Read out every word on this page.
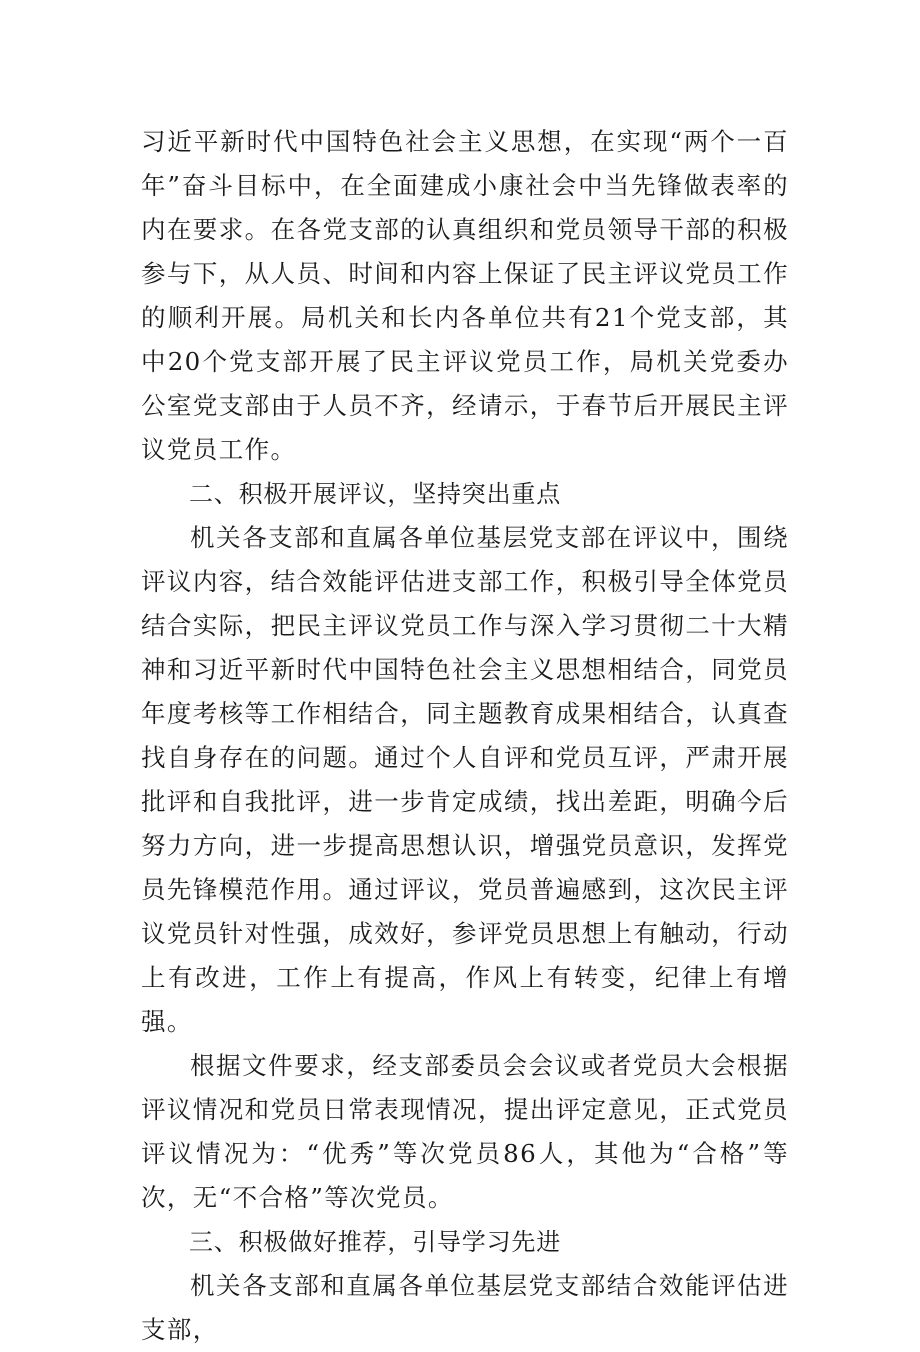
习近平新时代中国特色社会主义思想，在实现“两个一百年”奋斗目标中，在全面建成小康社会中当先锋做表率的内在要求。在各党支部的认真组织和党员领导干部的积极参与下，从人员、时间和内容上保证了民主评议党员工作的顺利开展。局机关和长内各单位共有21个党支部，其中20个党支部开展了民主评议党员工作，局机关党委办公室党支部由于人员不齐，经请示，于春节后开展民主评议党员工作。

二、积极开展评议，坚持突出重点

机关各支部和直属各单位基层党支部在评议中，围绕评议内容，结合效能评估进支部工作，积极引导全体党员结合实际，把民主评议党员工作与深入学习贯彻二十大精神和习近平新时代中国特色社会主义思想相结合，同党员年度考核等工作相结合，同主题教育成果相结合，认真查找自身存在的问题。通过个人自评和党员互评，严肃开展批评和自我批评，进一步肯定成绩，找出差距，明确今后努力方向，进一步提高思想认识，增强党员意识，发挥党员先锋模范作用。通过评议，党员普遍感到，这次民主评议党员针对性强，成效好，参评党员思想上有触动，行动上有改进，工作上有提高，作风上有转变，纪律上有增强。

根据文件要求，经支部委员会会议或者党员大会根据评议情况和党员日常表现情况，提出评定意见，正式党员评议情况为：“优秀”等次党员86人，其他为“合格”等次，无“不合格”等次党员。

三、积极做好推荐，引导学习先进

机关各支部和直属各单位基层党支部结合效能评估进支部，
